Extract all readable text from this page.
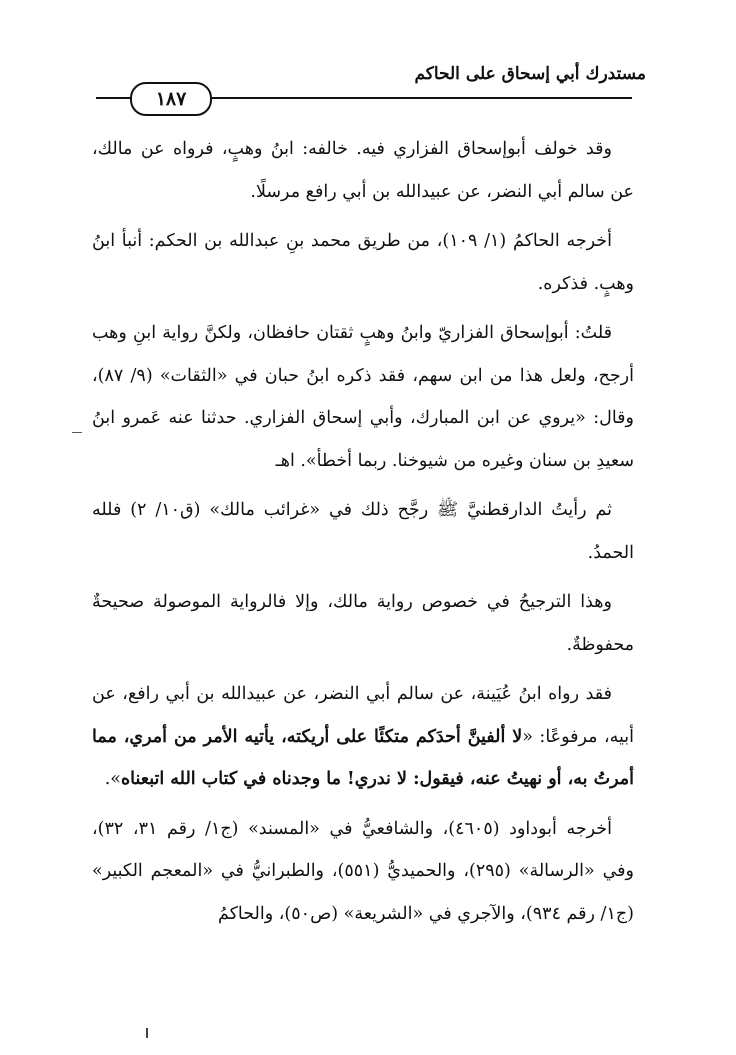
مستدرك أبي إسحاق على الحاكم
١٨٧

وقد خولف أبوإسحاق الفزاري فيه. خالفه: ابنُ وهبٍ، فرواه عن مالك، عن سالم أبي النضر، عن عبيدالله بن أبي رافع مرسلًا.

أخرجه الحاكمُ (١/ ١٠٩)، من طريق محمد بنِ عبدالله بن الحكم: أنبأ ابنُ وهبٍ. فذكره.

قلتُ: أبوإسحاق الفزاريّ وابنُ وهبٍ ثقتان حافظان، ولكنَّ رواية ابنِ وهب أرجح، ولعل هذا من ابن سهم، فقد ذكره ابنُ حبان في «الثقات» (٩/ ٨٧)، وقال: «يروي عن ابن المبارك، وأبي إسحاق الفزاري. حدثنا عنه عَمرو ابنُ سعيدِ بن سنان وغيره من شيوخنا. ربما أخطأ». اهـ

ثم رأيتُ الدارقطنيَّ ﷺ رجَّح ذلك في «غرائب مالك» (ق١٠/ ٢) فلله الحمدُ.

وهذا الترجيحُ في خصوص رواية مالك، وإلا فالرواية الموصولة صحيحةٌ محفوظةٌ.

فقد رواه ابنُ عُيَينة، عن سالم أبي النضر، عن عبيدالله بن أبي رافع، عن أبيه، مرفوعًا: «لا ألفينَّ أحدَكم متكئًا على أريكته، يأتيه الأمر من أمري، مما أمرتُ به، أو نهيتُ عنه، فيقول: لا ندري! ما وجدناه في كتاب الله اتبعناه».

أخرجه أبوداود (٤٦٠٥)، والشافعيُّ في «المسند» (ج١/ رقم ٣١، ٣٢)، وفي «الرسالة» (٢٩٥)، والحميديُّ (٥٥١)، والطبرانيُّ في «المعجم الكبير» (ج١/ رقم ٩٣٤)، والآجري في «الشريعة» (ص٥٠)، والحاكمُ
